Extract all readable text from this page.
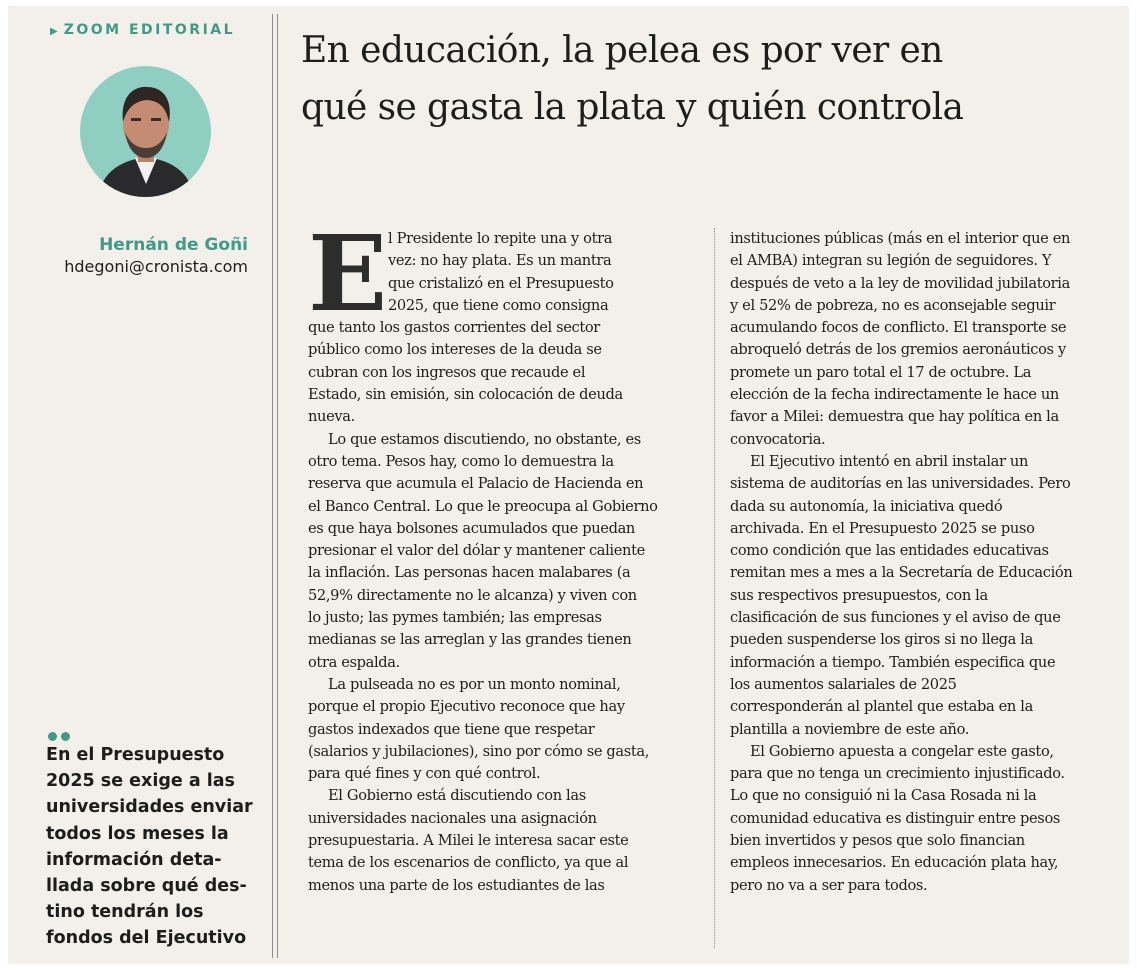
▶ ZOOM EDITORIAL
Hernán de Goñi
hdegoni@cronista.com
En el Presupuesto
2025 se exige a las
universidades enviar
todos los meses la
información deta-
llada sobre qué des-
tino tendrán los
fondos del Ejecutivo
En educación, la pelea es por ver en
qué se gasta la plata y quién controla
E l Presidente lo repite una y otra
vez: no hay plata. Es un mantra
que cristalizó en el Presupuesto
2025, que tiene como consigna
que tanto los gastos corrientes del sector
público como los intereses de la deuda se
cubran con los ingresos que recaude el
Estado, sin emisión, sin colocación de deuda
nueva.
Lo que estamos discutiendo, no obstante, es
otro tema. Pesos hay, como lo demuestra la
reserva que acumula el Palacio de Hacienda en
el Banco Central. Lo que le preocupa al Gobierno
es que haya bolsones acumulados que puedan
presionar el valor del dólar y mantener caliente
la inflación. Las personas hacen malabares (a
52,9% directamente no le alcanza) y viven con
lo justo; las pymes también; las empresas
medianas se las arreglan y las grandes tienen
otra espalda.
La pulseada no es por un monto nominal,
porque el propio Ejecutivo reconoce que hay
gastos indexados que tiene que respetar
(salarios y jubilaciones), sino por cómo se gasta,
para qué fines y con qué control.
El Gobierno está discutiendo con las
universidades nacionales una asignación
presupuestaria. A Milei le interesa sacar este
tema de los escenarios de conflicto, ya que al
menos una parte de los estudiantes de las
instituciones públicas (más en el interior que en
el AMBA) integran su legión de seguidores. Y
después de veto a la ley de movilidad jubilatoria
y el 52% de pobreza, no es aconsejable seguir
acumulando focos de conflicto. El transporte se
abroqueló detrás de los gremios aeronáuticos y
promete un paro total el 17 de octubre. La
elección de la fecha indirectamente le hace un
favor a Milei: demuestra que hay política en la
convocatoria.
El Ejecutivo intentó en abril instalar un
sistema de auditorías en las universidades. Pero
dada su autonomía, la iniciativa quedó
archivada. En el Presupuesto 2025 se puso
como condición que las entidades educativas
remitan mes a mes a la Secretaría de Educación
sus respectivos presupuestos, con la
clasificación de sus funciones y el aviso de que
pueden suspenderse los giros si no llega la
información a tiempo. También especifica que
los aumentos salariales de 2025
corresponderán al plantel que estaba en la
plantilla a noviembre de este año.
El Gobierno apuesta a congelar este gasto,
para que no tenga un crecimiento injustificado.
Lo que no consiguió ni la Casa Rosada ni la
comunidad educativa es distinguir entre pesos
bien invertidos y pesos que solo financian
empleos innecesarios. En educación plata hay,
pero no va a ser para todos.
